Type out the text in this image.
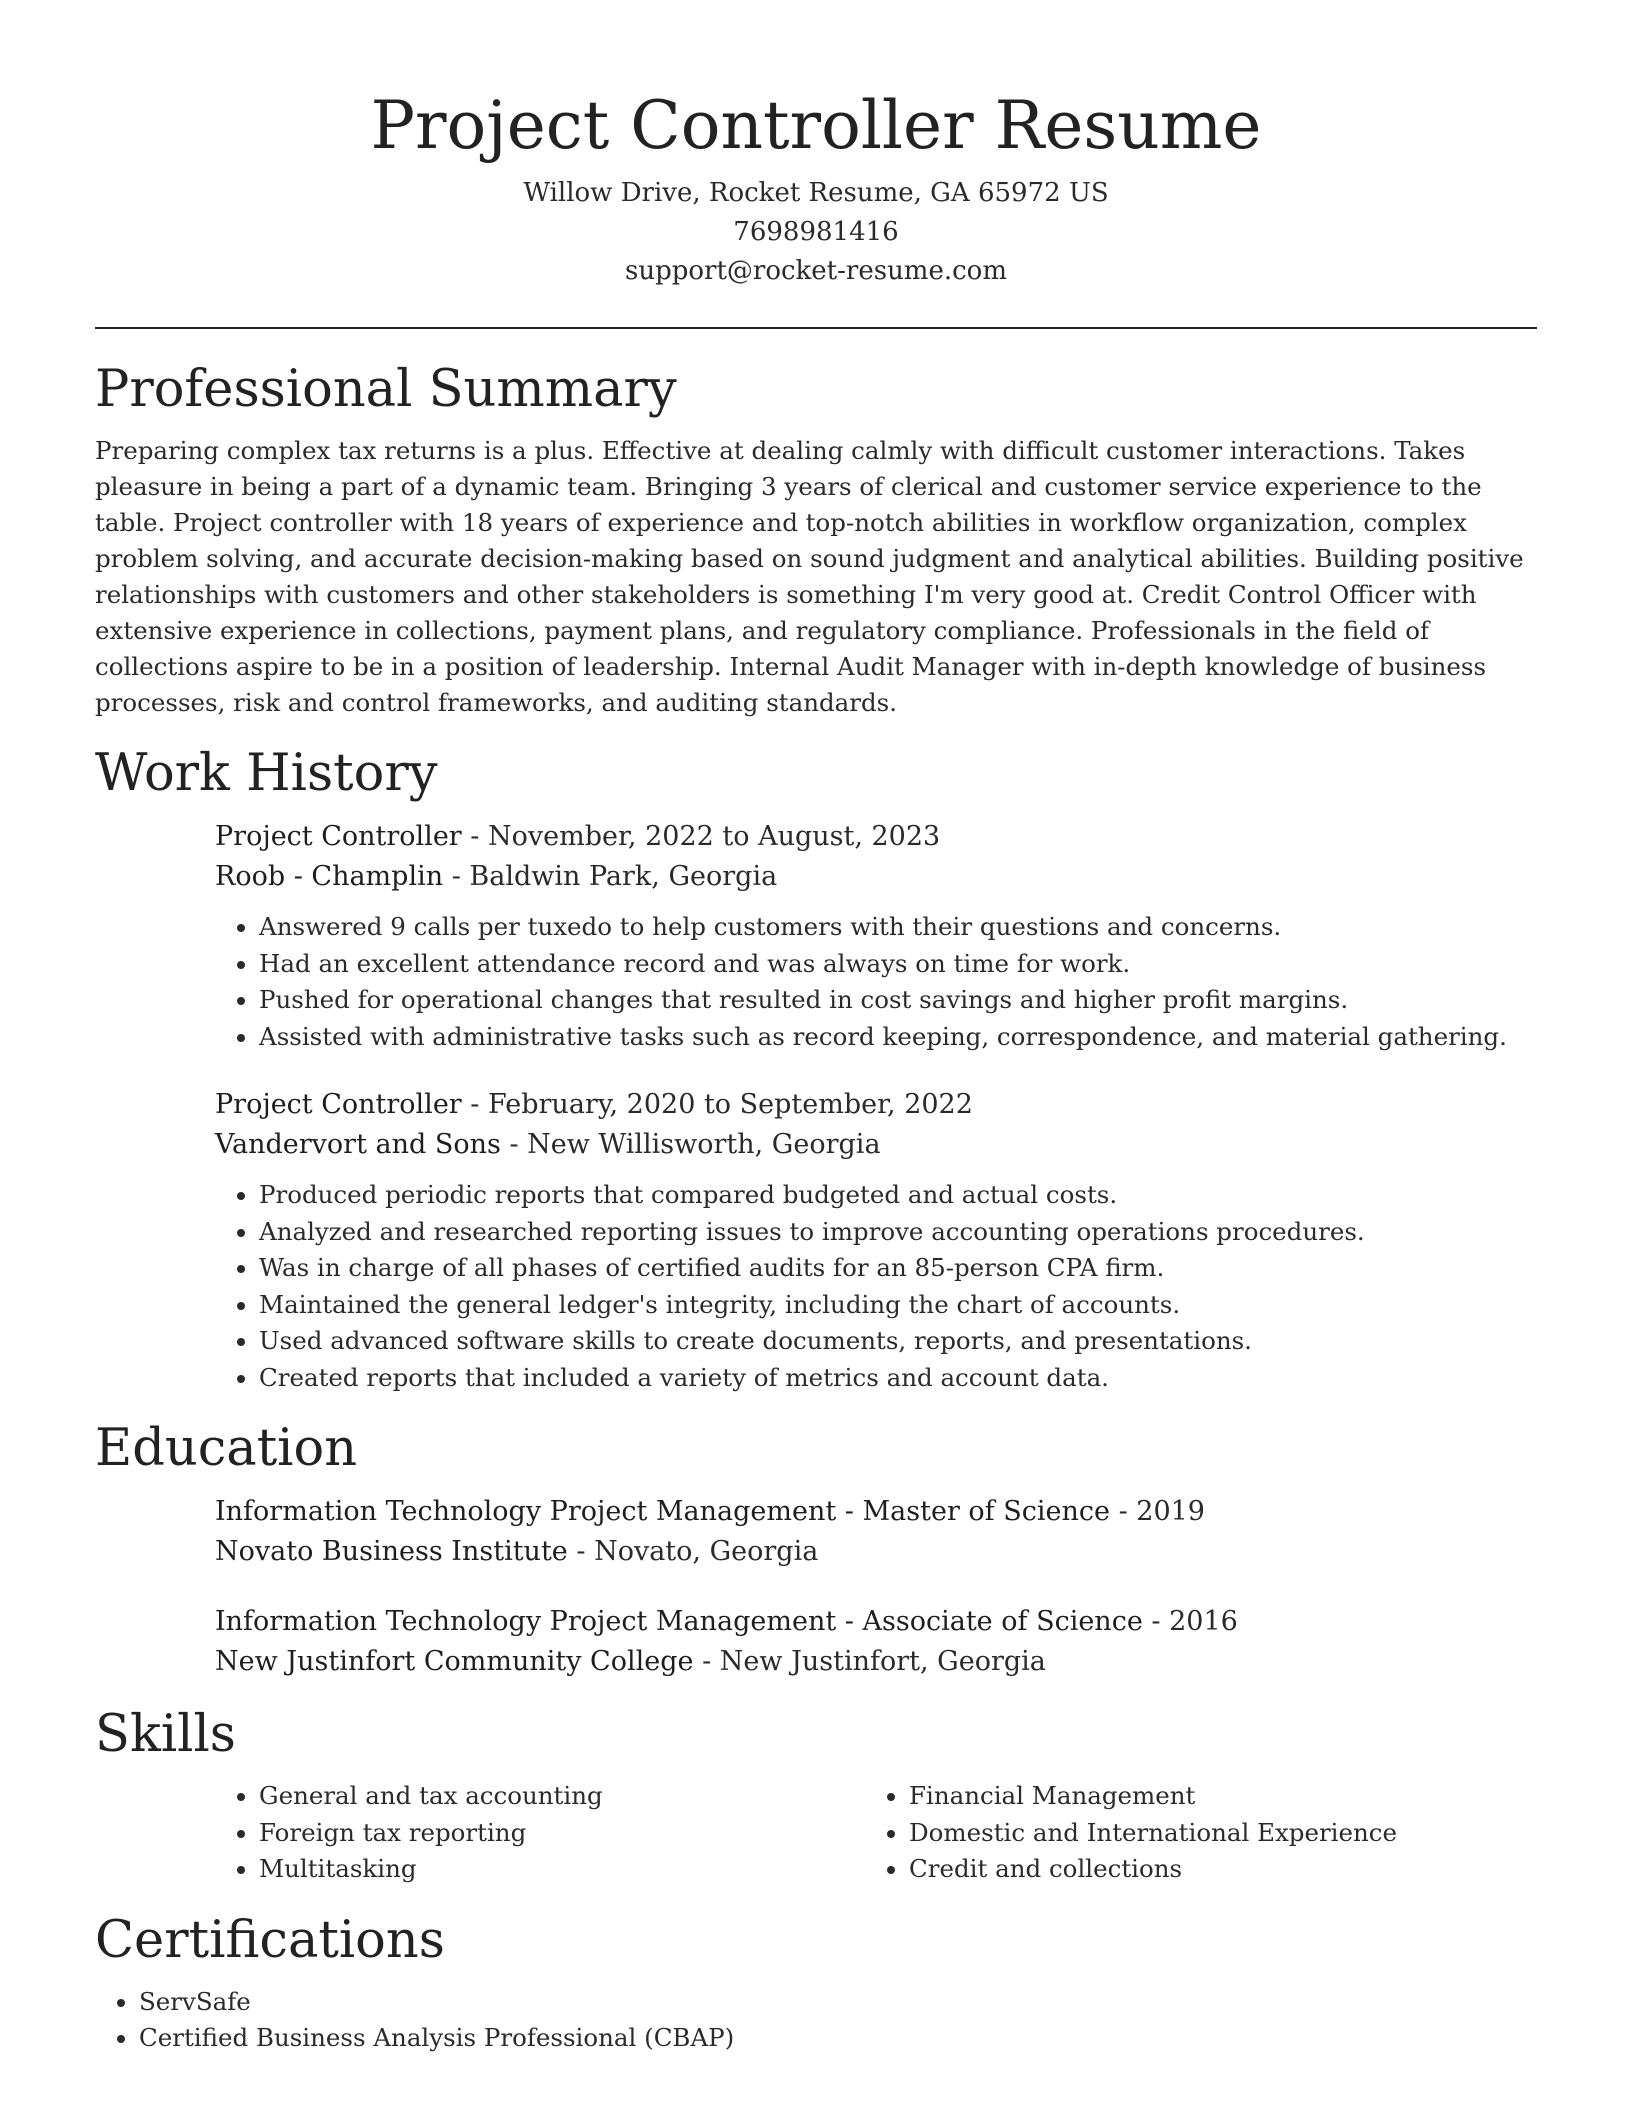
Project Controller Resume
Willow Drive, Rocket Resume, GA 65972 US
7698981416
support@rocket-resume.com
Professional Summary

Preparing complex tax returns is a plus. Effective at dealing calmly with difficult customer interactions. Takes pleasure in being a part of a dynamic team. Bringing 3 years of clerical and customer service experience to the table. Project controller with 18 years of experience and top-notch abilities in workflow organization, complex problem solving, and accurate decision-making based on sound judgment and analytical abilities. Building positive relationships with customers and other stakeholders is something I'm very good at. Credit Control Officer with extensive experience in collections, payment plans, and regulatory compliance. Professionals in the field of collections aspire to be in a position of leadership. Internal Audit Manager with in-depth knowledge of business processes, risk and control frameworks, and auditing standards.

Work History
Project Controller - November, 2022 to August, 2023
Roob - Champlin - Baldwin Park, Georgia
• Answered 9 calls per tuxedo to help customers with their questions and concerns.
• Had an excellent attendance record and was always on time for work.
• Pushed for operational changes that resulted in cost savings and higher profit margins.
• Assisted with administrative tasks such as record keeping, correspondence, and material gathering.
Project Controller - February, 2020 to September, 2022
Vandervort and Sons - New Willisworth, Georgia
• Produced periodic reports that compared budgeted and actual costs.
• Analyzed and researched reporting issues to improve accounting operations procedures.
• Was in charge of all phases of certified audits for an 85-person CPA firm.
• Maintained the general ledger's integrity, including the chart of accounts.
• Used advanced software skills to create documents, reports, and presentations.
• Created reports that included a variety of metrics and account data.
Education
Information Technology Project Management - Master of Science - 2019
Novato Business Institute - Novato, Georgia
Information Technology Project Management - Associate of Science - 2016
New Justinfort Community College - New Justinfort, Georgia
Skills
• General and tax accounting
• Foreign tax reporting
• Multitasking
• Financial Management
• Domestic and International Experience
• Credit and collections
Certifications
• ServSafe
• Certified Business Analysis Professional (CBAP)
